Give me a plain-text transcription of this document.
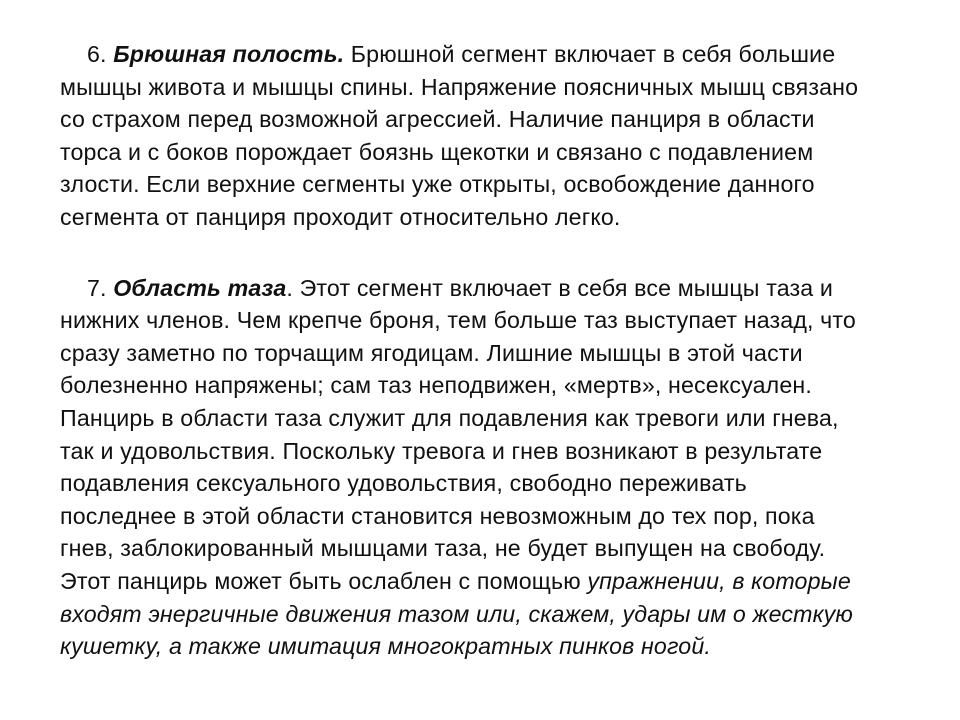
6. Брюшная полость. Брюшной сегмент включает в себя большие
мышцы живота и мышцы спины. Напряжение поясничных мышц связано
со страхом перед возможной агрессией. Наличие панциря в области
торса и с боков порождает боязнь щекотки и связано с подавлением
злости. Если верхние сегменты уже открыты, освобождение данного
сегмента от панциря проходит относительно легко.

7. Область таза. Этот сегмент включает в себя все мышцы таза и
нижних членов. Чем крепче броня, тем больше таз выступает назад, что
сразу заметно по торчащим ягодицам. Лишние мышцы в этой части
болезненно напряжены; сам таз неподвижен, «мертв», несексуален.
Панцирь в области таза служит для подавления как тревоги или гнева,
так и удовольствия. Поскольку тревога и гнев возникают в результате
подавления сексуального удовольствия, свободно переживать
последнее в этой области становится невозможным до тех пор, пока
гнев, заблокированный мышцами таза, не будет выпущен на свободу.
Этот панцирь может быть ослаблен с помощью упражнении, в которые
входят энергичные движения тазом или, скажем, удары им о жесткую
кушетку, а также имитация многократных пинков ногой.
